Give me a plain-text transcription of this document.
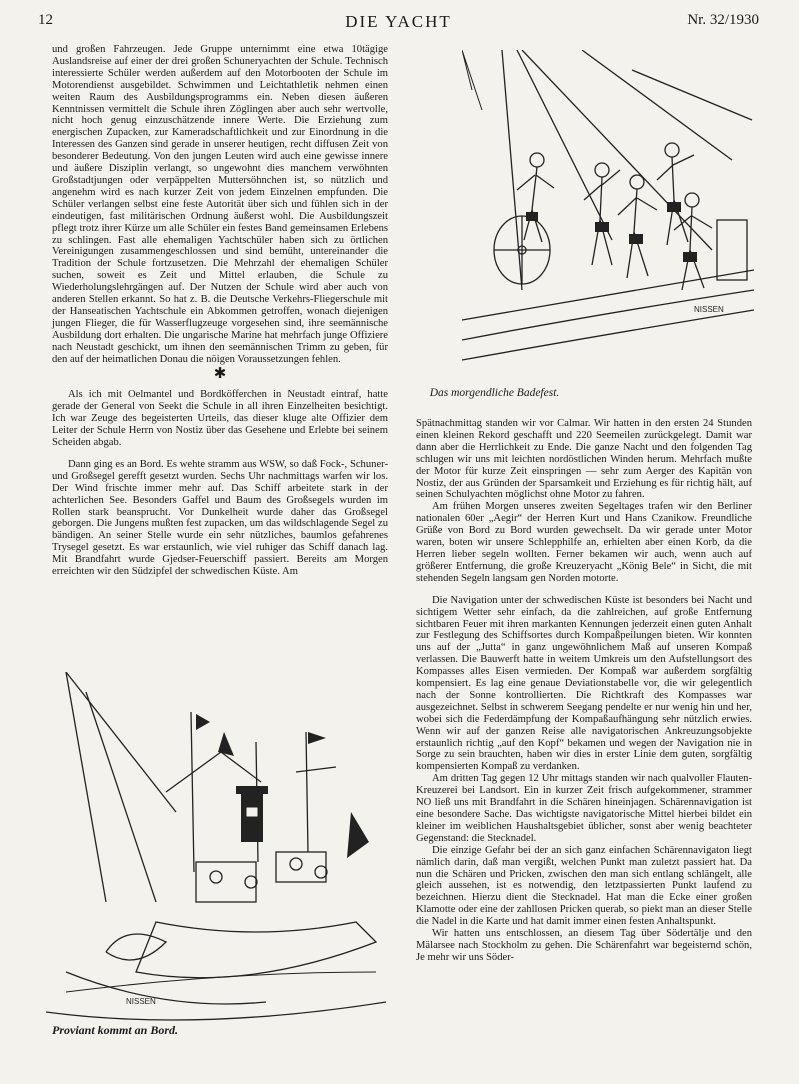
12	DIE YACHT	Nr. 32/1930

und großen Fahrzeugen. Jede Gruppe unternimmt eine etwa 10tägige Auslandsreise auf einer der drei großen Schuneryachten der Schule. Technisch interessierte Schüler werden außerdem auf den Motorbooten der Schule im Motorendienst ausgebildet. Schwimmen und Leichtathletik nehmen einen weiten Raum des Ausbildungsprogramms ein. Neben diesen äußeren Kenntnissen vermittelt die Schule ihren Zöglingen aber auch sehr wertvolle, nicht hoch genug einzuschätzende innere Werte. Die Erziehung zum energischen Zupacken, zur Kameradschaftlichkeit und zur Einordnung in die Interessen des Ganzen sind gerade in unserer heutigen, recht diffusen Zeit von besonderer Bedeutung. Von den jungen Leuten wird auch eine gewisse innere und äußere Disziplin verlangt, so ungewohnt dies manchem verwöhnten Großstadtjungen oder verpäppelten Muttersöhnchen ist, so nützlich und angenehm wird es nach kurzer Zeit von jedem Einzelnen empfunden. Die Schüler verlangen selbst eine feste Autorität über sich und fühlen sich in der eindeutigen, fast militärischen Ordnung äußerst wohl. Die Ausbildungszeit pflegt trotz ihrer Kürze um alle Schüler ein festes Band gemeinsamen Erlebens zu schlingen. Fast alle ehemaligen Yachtschüler haben sich zu örtlichen Vereinigungen zusammengeschlossen und sind bemüht, untereinander die Tradition der Schule fortzusetzen. Die Mehrzahl der ehemaligen Schüler suchen, soweit es Zeit und Mittel erlauben, die Schule zu Wiederholungslehrgängen auf. Der Nutzen der Schule wird aber auch von anderen Stellen erkannt. So hat z. B. die Deutsche Verkehrs-Fliegerschule mit der Hanseatischen Yachtschule ein Abkommen getroffen, wonach diejenigen jungen Flieger, die für Wasserflugzeuge vorgesehen sind, ihre seemännische Ausbildung dort erhalten. Die ungarische Marine hat mehrfach junge Offiziere nach Neustadt geschickt, um ihnen den seemännischen Trimm zu geben, für den auf der heimatlichen Donau die nöigen Voraussetzungen fehlen.

✱

Als ich mit Oelmantel und Bordköfferchen in Neustadt eintraf, hatte gerade der General von Seekt die Schule in all ihren Einzelheiten besichtigt. Ich war Zeuge des begeisterten Urteils, das dieser kluge alte Offizier dem Leiter der Schule Herrn von Nostiz über das Gesehene und Erlebte bei seinem Scheiden abgab.

Dann ging es an Bord. Es wehte stramm aus WSW, so daß Fock-, Schuner- und Großsegel gerefft gesetzt wurden. Sechs Uhr nachmittags warfen wir los. Der Wind frischte immer mehr auf. Das Schiff arbeitete stark in der achterlichen See. Besonders Gaffel und Baum des Großsegels wurden im Rollen stark beansprucht. Vor Dunkelheit wurde daher das Großsegel geborgen. Die Jungens mußten fest zupacken, um das wildschlagende Segel zu bändigen. An seiner Stelle wurde ein sehr nützliches, baumlos gefahrenes Trysegel gesetzt. Es war erstaunlich, wie viel ruhiger das Schiff danach lag. Mit Brandfahrt wurde Gjedser-Feuerschiff passiert. Bereits am Morgen erreichten wir den Südzipfel der schwedischen Küste. Am

NISSEN
Das morgendliche Badefest.

Spätnachmittag standen wir vor Calmar. Wir hatten in den ersten 24 Stunden einen kleinen Rekord geschafft und 220 Seemeilen zurückgelegt. Damit war dann aber die Herrlichkeit zu Ende. Die ganze Nacht und den folgenden Tag schlugen wir uns mit leichten nordöstlichen Winden herum. Mehrfach mußte der Motor für kurze Zeit einspringen — sehr zum Aerger des Kapitän von Nostiz, der aus Gründen der Sparsamkeit und Erziehung es für richtig hält, auf seinen Schulyachten möglichst ohne Motor zu fahren.

Am frühen Morgen unseres zweiten Segeltages trafen wir den Berliner nationalen 60er „Aegir“ der Herren Kurt und Hans Czanikow. Freundliche Grüße von Bord zu Bord wurden gewechselt. Da wir gerade unter Motor waren, boten wir unsere Schlepphilfe an, erhielten aber einen Korb, da die Herren lieber segeln wollten. Ferner bekamen wir auch, wenn auch auf größerer Entfernung, die große Kreuzeryacht „König Bele“ in Sicht, die mit stehenden Segeln langsam gen Norden motorte.

Die Navigation unter der schwedischen Küste ist besonders bei Nacht und sichtigem Wetter sehr einfach, da die zahlreichen, auf große Entfernung sichtbaren Feuer mit ihren markanten Kennungen jederzeit einen guten Anhalt zur Festlegung des Schiffsortes durch Kompaßpeilungen bieten. Wir konnten uns auf der „Jutta“ in ganz ungewöhnlichem Maß auf unseren Kompaß verlassen. Die Bauwerft hatte in weitem Umkreis um den Aufstellungsort des Kompasses alles Eisen vermieden. Der Kompaß war außerdem sorgfältig kompensiert. Es lag eine genaue Deviationstabelle vor, die wir gelegentlich nach der Sonne kontrollierten. Die Richtkraft des Kompasses war ausgezeichnet. Selbst in schwerem Seegang pendelte er nur wenig hin und her, wobei sich die Federdämpfung der Kompaßaufhängung sehr nützlich erwies. Wenn wir auf der ganzen Reise alle navigatorischen Ankreuzungsobjekte erstaunlich richtig „auf den Kopf“ bekamen und wegen der Navigation nie in Sorge zu sein brauchten, haben wir dies in erster Linie dem guten, sorgfältig kompensierten Kompaß zu verdanken.

Am dritten Tag gegen 12 Uhr mittags standen wir nach qualvoller Flauten-Kreuzerei bei Landsort. Ein in kurzer Zeit frisch aufgekommener, strammer NO ließ uns mit Brandfahrt in die Schären hineinjagen. Schärennavigation ist eine besondere Sache. Das wichtigste navigatorische Mittel hierbei bildet ein kleiner im weiblichen Haushaltsgebiet üblicher, sonst aber wenig beachteter Gegenstand: die Stecknadel.

Die einzige Gefahr bei der an sich ganz einfachen Schärennavigaton liegt nämlich darin, daß man vergißt, welchen Punkt man zuletzt passiert hat. Da nun die Schären und Pricken, zwischen den man sich entlang schlängelt, alle gleich aussehen, ist es notwendig, den letztpassierten Punkt laufend zu bezeichnen. Hierzu dient die Stecknadel. Hat man die Ecke einer großen Klamotte oder eine der zahllosen Pricken querab, so piekt man an dieser Stelle die Nadel in die Karte und hat damit immer einen festen Anhaltspunkt.

Wir hatten uns entschlossen, an diesem Tag über Södertälje und den Mälarsee nach Stockholm zu gehen. Die Schärenfahrt war begeisternd schön, Je mehr wir uns Söder-

NISSEN
Proviant kommt an Bord.
